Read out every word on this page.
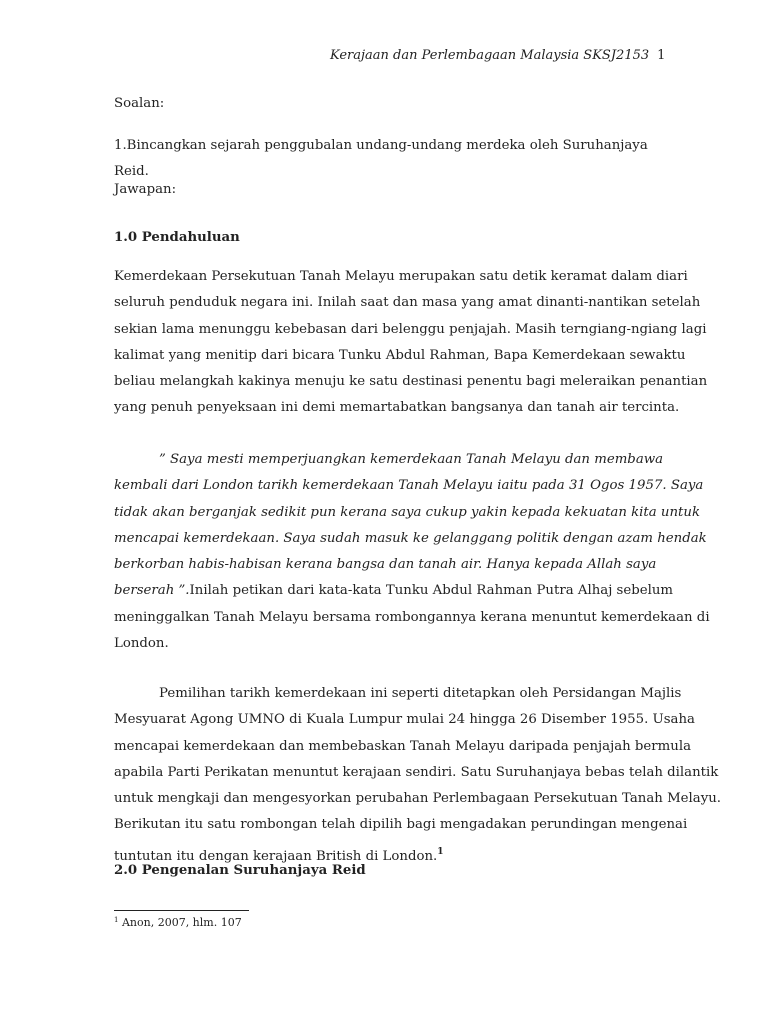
Kerajaan dan Perlembagaan Malaysia SKSJ2153 1
Soalan:
1.Bincangkan sejarah penggubalan undang-undang merdeka oleh Suruhanjaya Reid.
Jawapan:
1.0 Pendahuluan
Kemerdekaan Persekutuan Tanah Melayu merupakan satu detik keramat dalam diari
seluruh penduduk negara ini. Inilah saat dan masa yang amat dinanti-nantikan setelah
sekian lama menunggu kebebasan dari belenggu penjajah. Masih terngiang-ngiang lagi
kalimat yang menitip dari bicara Tunku Abdul Rahman, Bapa Kemerdekaan sewaktu
beliau melangkah kakinya menuju ke satu destinasi penentu bagi meleraikan penantian
yang penuh penyeksaan ini demi memartabatkan bangsanya dan tanah air tercinta.
” Saya mesti memperjuangkan kemerdekaan Tanah Melayu dan membawa
kembali dari London tarikh kemerdekaan Tanah Melayu iaitu pada 31 Ogos 1957. Saya
tidak akan berganjak sedikit pun kerana saya cukup yakin kepada kekuatan kita untuk
mencapai kemerdekaan. Saya sudah masuk ke gelanggang politik dengan azam hendak
berkorban habis-habisan kerana bangsa dan tanah air. Hanya kepada Allah saya
berserah ”.Inilah petikan dari kata-kata Tunku Abdul Rahman Putra Alhaj sebelum
meninggalkan Tanah Melayu bersama rombongannya kerana menuntut kemerdekaan di
London.
Pemilihan tarikh kemerdekaan ini seperti ditetapkan oleh Persidangan Majlis
Mesyuarat Agong UMNO di Kuala Lumpur mulai 24 hingga 26 Disember 1955. Usaha
mencapai kemerdekaan dan membebaskan Tanah Melayu daripada penjajah bermula
apabila Parti Perikatan menuntut kerajaan sendiri. Satu Suruhanjaya bebas telah dilantik
untuk mengkaji dan mengesyorkan perubahan Perlembagaan Persekutuan Tanah Melayu.
Berikutan itu satu rombongan telah dipilih bagi mengadakan perundingan mengenai
tuntutan itu dengan kerajaan British di London.$^1$
2.0 Pengenalan Suruhanjaya Reid
$^1$ Anon, 2007, hlm. 107
